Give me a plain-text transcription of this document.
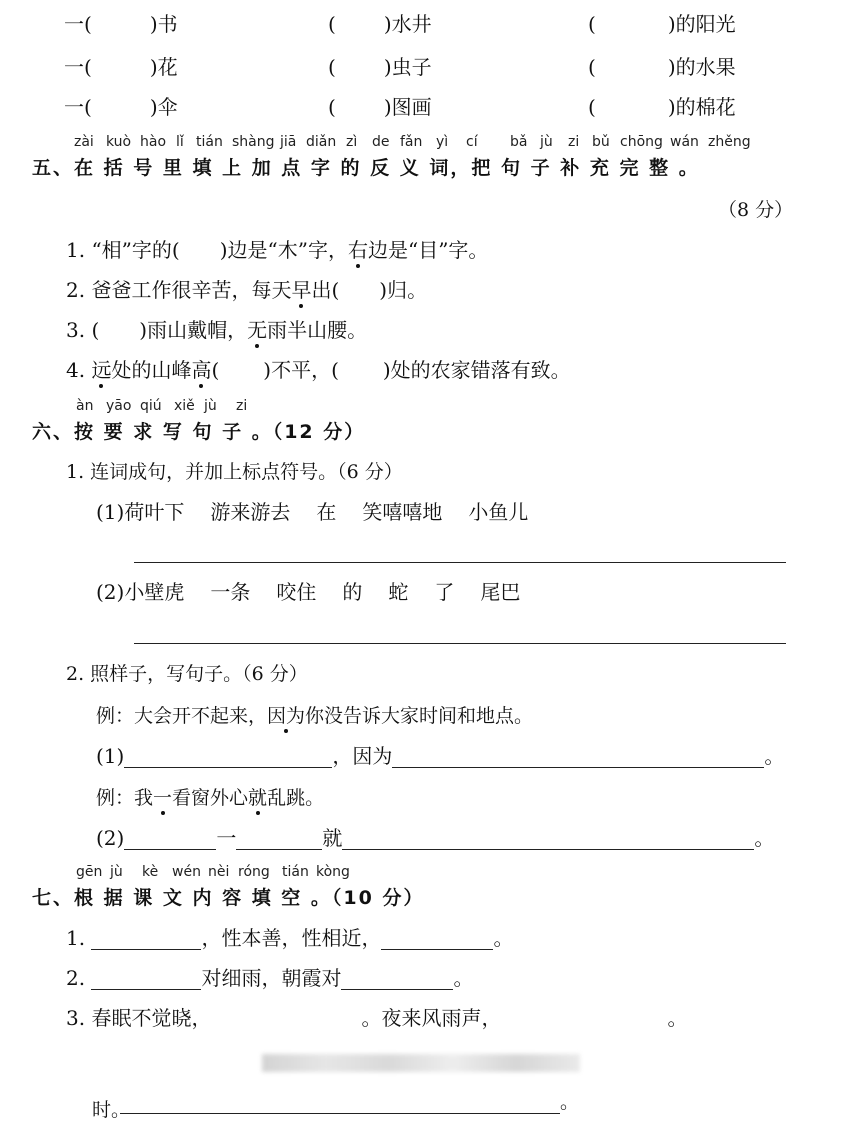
一(	)书	( )水井	(	)的阳光
一(	)花	( )虫子	(	)的水果
一(	)伞	( )图画	(	)的棉花
zài kuò hào lǐ tián shàng jiā diǎn zì de fǎn yì cí bǎ jù zi bǔ chōng wán zhěng
五、在 括 号 里 填 上 加 点 字 的 反 义 词，把 句 子 补 充 完 整 。
（8 分）
1. “相”字的( )边是“木”字，右边是“目”字。
2. 爸爸工作很辛苦，每天早出( )归。
3. ( )雨山戴帽，无雨半山腰。
4. 远处的山峰高( )不平，( )处的农家错落有致。
àn yāo qiú xiě jù zi
六、按 要 求 写 句 子 。（12 分）
1. 连词成句，并加上标点符号。（6 分）
(1)荷叶下 游来游去 在 笑嘻嘻地 小鱼儿
(2)小壁虎 一条 咬住 的 蛇 了 尾巴
2. 照样子，写句子。（6 分）
例：大会开不起来，因为你没告诉大家时间和地点。
(1)	，因为	。
例：我一看窗外心就乱跳。
(2)	一	就	。
gēn jù kè wén nèi róng tián kòng
七、根 据 课 文 内 容 填 空 。（10 分）
1.	，性本善，性相近，	。
2.	对细雨，朝霞对	。
3. 春眠不觉晓，	。夜来风雨声，	。
时。	。
